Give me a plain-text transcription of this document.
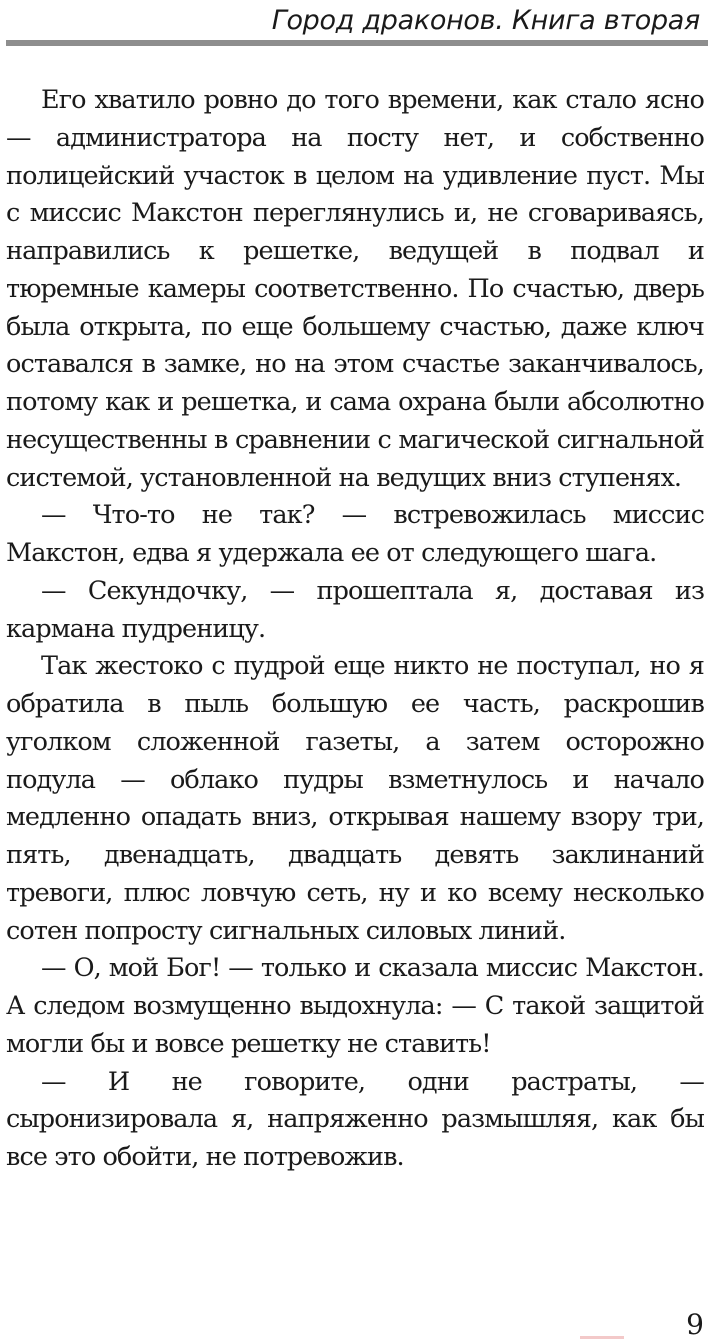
Город драконов. Книга вторая

Его хватило ровно до того времени, как стало ясно — администратора на посту нет, и собственно полицейский участок в целом на удивление пуст. Мы с миссис Макстон переглянулись и, не сговариваясь, направились к решетке, ведущей в подвал и тюремные камеры соответственно. По счастью, дверь была открыта, по еще большему счастью, даже ключ оставался в замке, но на этом счастье заканчивалось, потому как и решетка, и сама охрана были абсолютно несущественны в сравнении с магической сигнальной системой, установленной на ведущих вниз ступенях.

— Что-то не так? — встревожилась миссис Макстон, едва я удержала ее от следующего шага.

— Секундочку, — прошептала я, доставая из кармана пудреницу.

Так жестоко с пудрой еще никто не поступал, но я обратила в пыль большую ее часть, раскрошив уголком сложенной газеты, а затем осторожно подула — облако пудры взметнулось и начало медленно опадать вниз, открывая нашему взору три, пять, двенадцать, двадцать девять заклинаний тревоги, плюс ловчую сеть, ну и ко всему несколько сотен попросту сигнальных силовых линий.

— О, мой Бог! — только и сказала миссис Макстон. А следом возмущенно выдохнула: — С такой защитой могли бы и вовсе решетку не ставить!

— И не говорите, одни растраты, — сыронизировала я, напряженно размышляя, как бы все это обойти, не потревожив.

9
